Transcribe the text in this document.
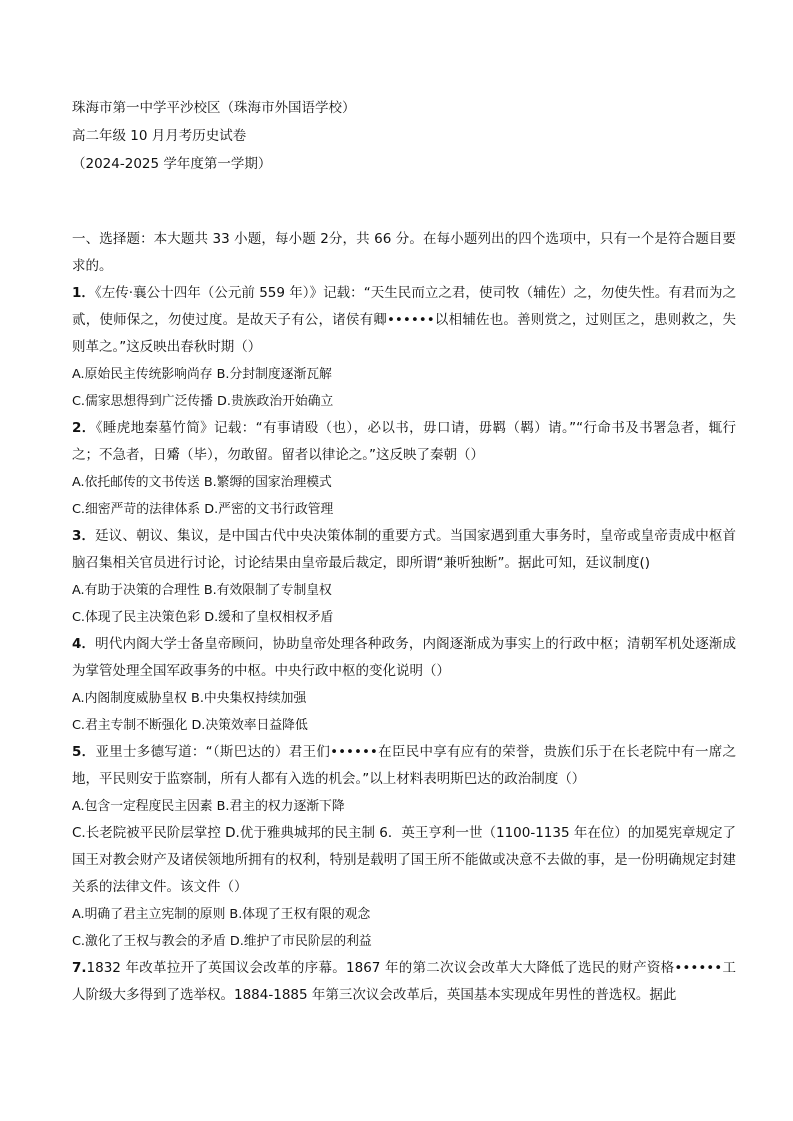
珠海市第一中学平沙校区（珠海市外国语学校）
高二年级 10 月月考历史试卷
（2024-2025 学年度第一学期）

一、选择题：本大题共 33 小题，每小题 2分，共 66 分。在每小题列出的四个选项中，只有一个是符合题目要求的。

1．《左传·襄公十四年（公元前 559 年）》记载：“天生民而立之君，使司牧（辅佐）之，勿使失性。有君而为之贰，使师保之，勿使过度。是故天子有公，诸侯有卿••••••以相辅佐也。善则赏之，过则匡之，患则救之，失则革之。”这反映出春秋时期（）

A.原始民主传统影响尚存 B.分封制度逐渐瓦解
C.儒家思想得到广泛传播 D.贵族政治开始确立

2．《睡虎地秦墓竹简》记载：“有事请殴（也），必以书，毋口请，毋羁（羁）请。”“行命书及书署急者，辄行之；不急者，日觱（毕），勿敢留。留者以律论之。”这反映了秦朝（）

A.依托邮传的文书传送 B.繁缛的国家治理模式
C.细密严苛的法律体系 D.严密的文书行政管理

3．廷议、朝议、集议，是中国古代中央决策体制的重要方式。当国家遇到重大事务时，皇帝或皇帝责成中枢首脑召集相关官员进行讨论，讨论结果由皇帝最后裁定，即所谓“兼听独断”。据此可知，廷议制度()

A.有助于决策的合理性 B.有效限制了专制皇权
C.体现了民主决策色彩 D.缓和了皇权相权矛盾

4．明代内阁大学士备皇帝顾问，协助皇帝处理各种政务，内阁逐渐成为事实上的行政中枢；清朝军机处逐渐成为掌管处理全国军政事务的中枢。中央行政中枢的变化说明（）

A.内阁制度威胁皇权 B.中央集权持续加强
C.君主专制不断强化 D.决策效率日益降低

5．亚里士多德写道：“（斯巴达的）君王们••••••在臣民中享有应有的荣誉，贵族们乐于在长老院中有一席之地，平民则安于监察制，所有人都有入选的机会。”以上材料表明斯巴达的政治制度（）

A.包含一定程度民主因素 B.君主的权力逐渐下降

C.长老院被平民阶层掌控 D.优于雅典城邦的民主制 6．英王亨利一世（1100-1135 年在位）的加冕宪章规定了国王对教会财产及诸侯领地所拥有的权利，特别是载明了国王所不能做或决意不去做的事，是一份明确规定封建关系的法律文件。该文件（）

A.明确了君主立宪制的原则 B.体现了王权有限的观念
C.激化了王权与教会的矛盾 D.维护了市民阶层的利益

7.1832 年改革拉开了英国议会改革的序幕。1867 年的第二次议会改革大大降低了选民的财产资格••••••工人阶级大多得到了选举权。1884-1885 年第三次议会改革后，英国基本实现成年男性的普选权。据此
